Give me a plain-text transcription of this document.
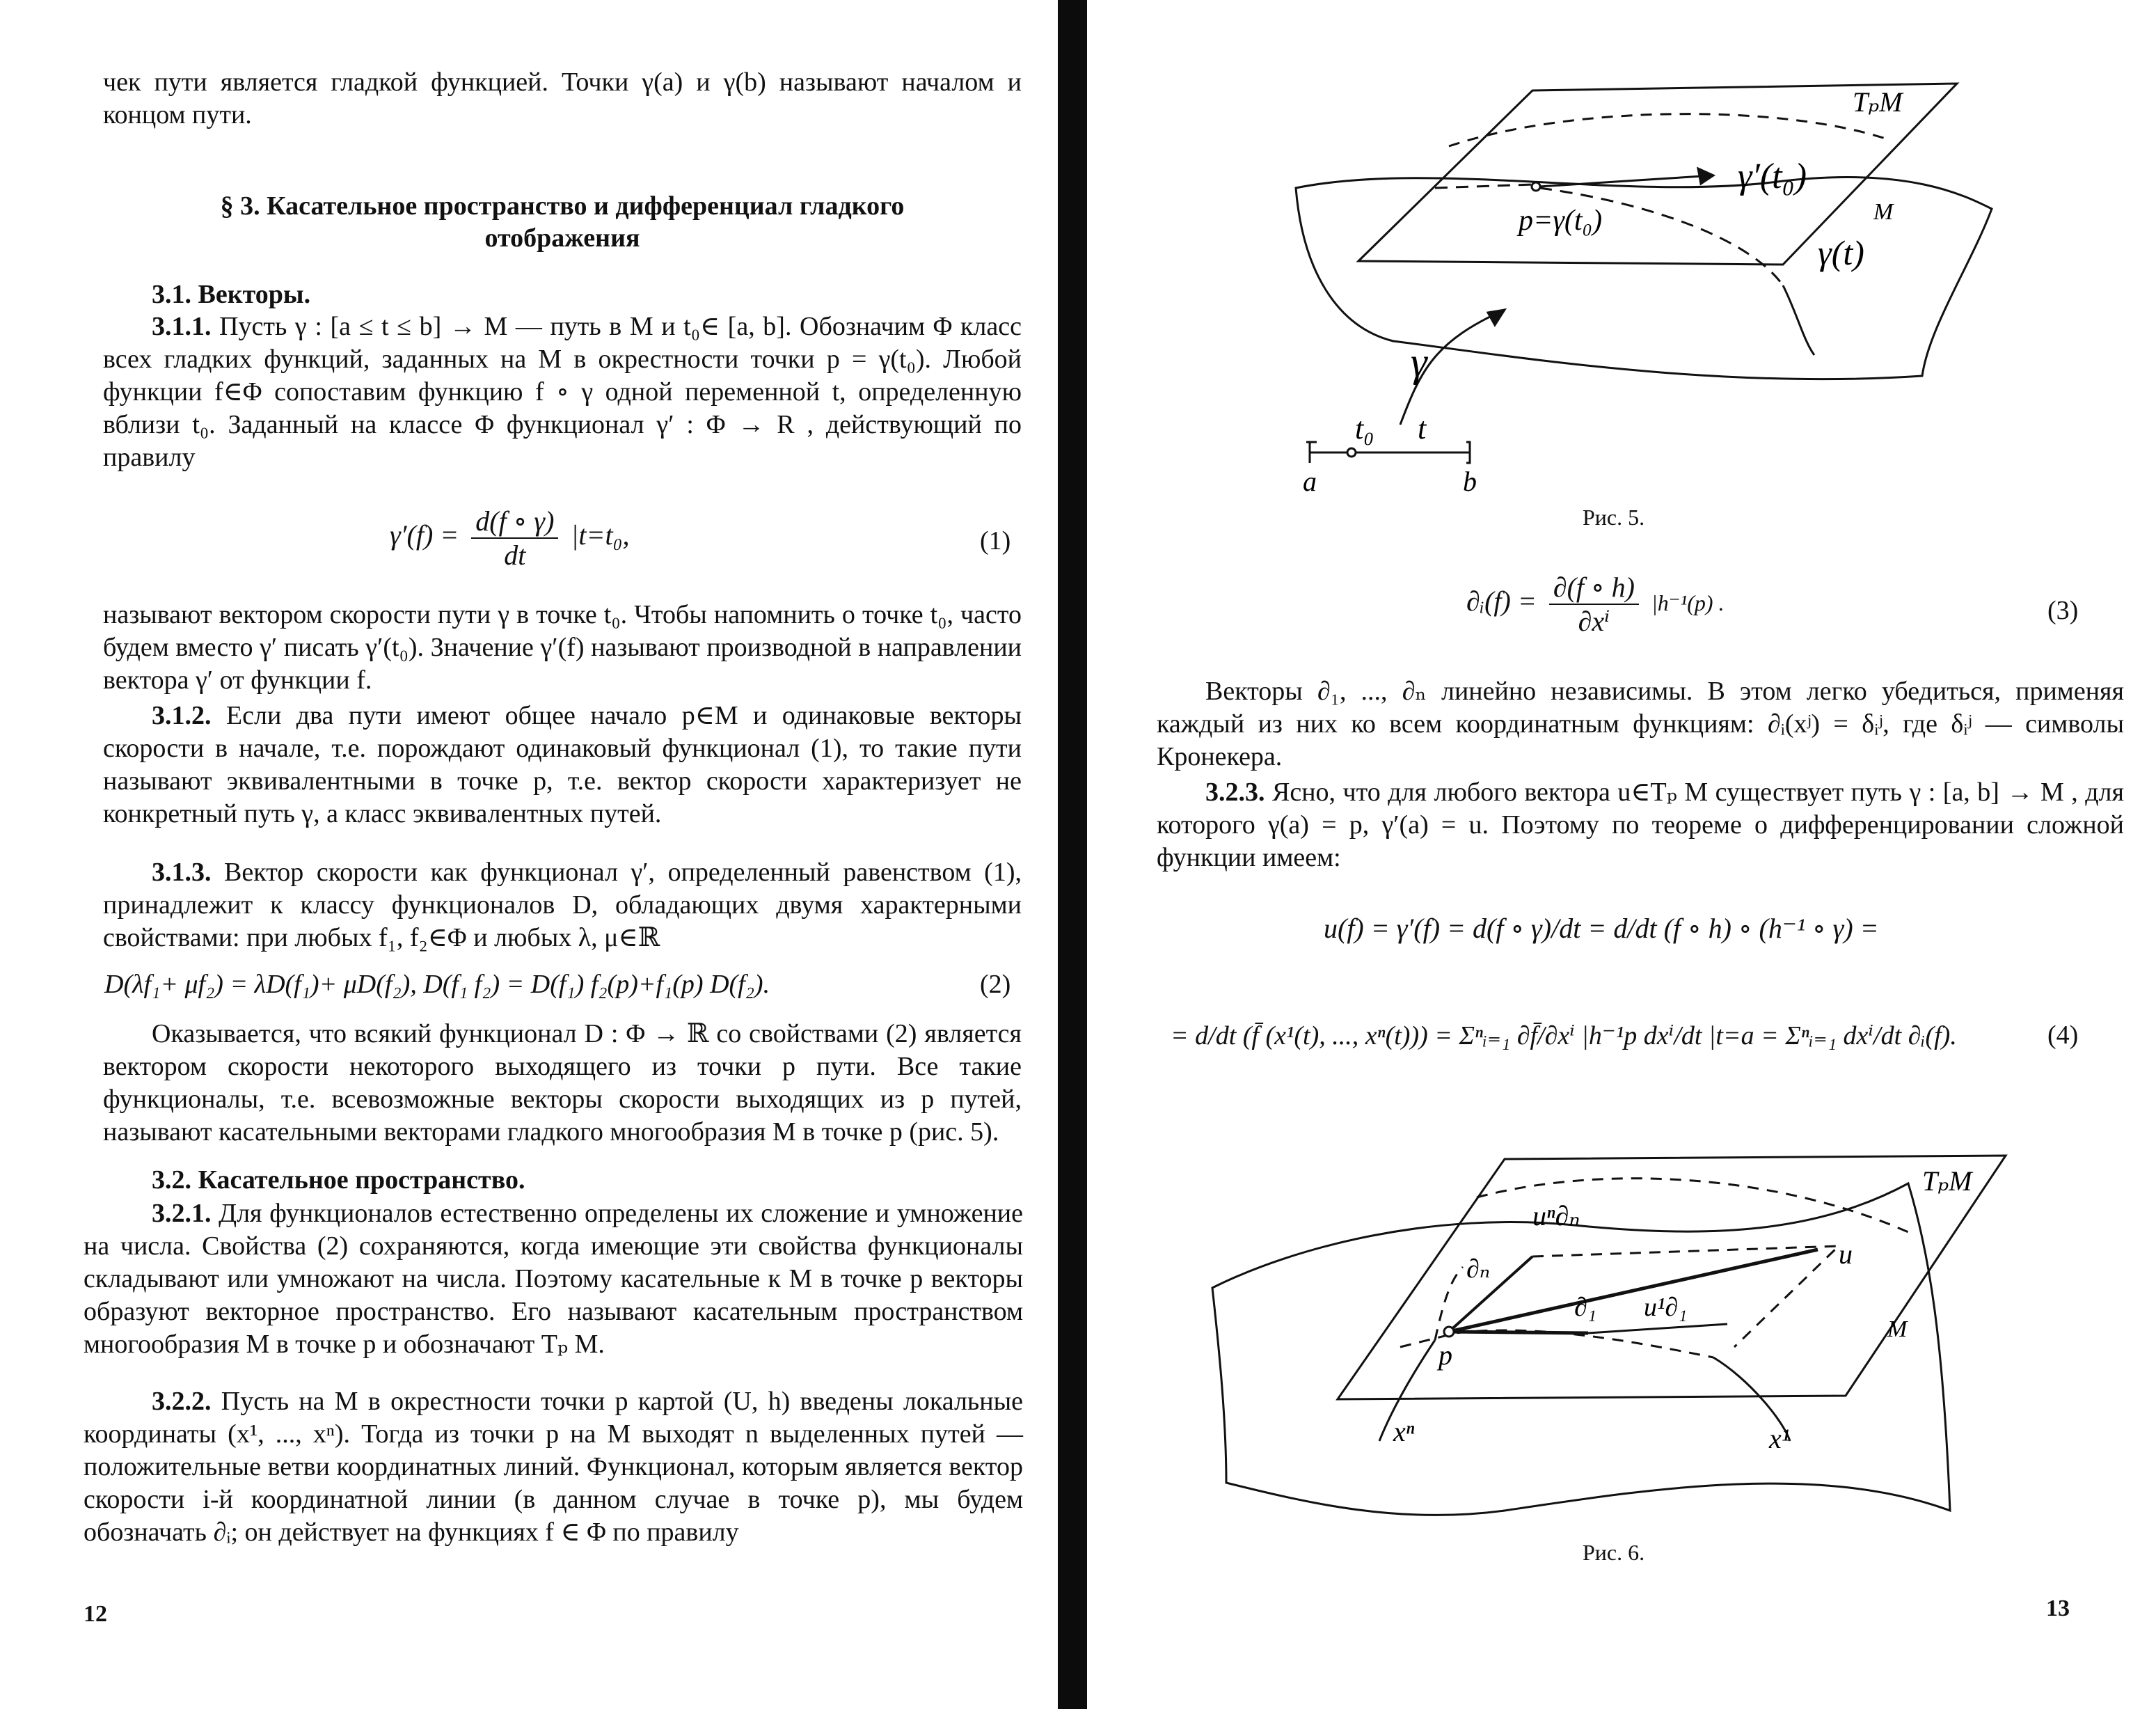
чек пути является гладкой функцией. Точки γ(a) и γ(b) называют началом и концом пути.
§ 3. Касательное пространство и дифференциал гладкого
отображения
3.1. Векторы.
3.1.1. Пусть γ : [a ≤ t ≤ b] → M — путь в M и t₀∈ [a, b]. Обозначим Φ класс всех гладких функций, заданных на M в окрестности точки p = γ(t₀). Любой функции f∈Φ сопоставим функцию f ∘ γ одной переменной t, определенную вблизи t₀. Заданный на классе Φ функционал γ′ : Φ → R , действующий по правилу
$\gamma'(f) = \frac{d(f \circ \gamma)}{dt} |t=t_0$,	(1)
называют вектором скорости пути γ в точке t₀. Чтобы напомнить о точке t₀, часто будем вместо γ′ писать γ′(t₀). Значение γ′(f) называют производной в направлении вектора γ′ от функции f.
3.1.2. Если два пути имеют общее начало p∈M и одинаковые векторы скорости в начале, т.е. порождают одинаковый функционал (1), то такие пути называют эквивалентными в точке p, т.е. вектор скорости характеризует не конкретный путь γ, а класс эквивалентных путей.
3.1.3. Вектор скорости как функционал γ′, определенный равенством (1), принадлежит к классу функционалов D, обладающих двумя характерными свойствами: при любых f₁, f₂∈Φ и любых λ, μ∈ℝ
D(λf₁+ μf₂) = λD(f₁)+ μD(f₂), D(f₁ f₂) = D(f₁) f₂(p)+f₁(p) D(f₂).	(2)
Оказывается, что всякий функционал D : Φ → ℝ со свойствами (2) является вектором скорости некоторого выходящего из точки p пути. Все такие функционалы, т.е. всевозможные векторы скорости выходящих из p путей, называют касательными векторами гладкого многообразия M в точке p (рис. 5).
3.2. Касательное пространство.
3.2.1. Для функционалов естественно определены их сложение и умножение на числа. Свойства (2) сохраняются, когда имеющие эти свойства функционалы складывают или умножают на числа. Поэтому касательные к M в точке p векторы образуют векторное пространство. Его называют касательным пространством многообразия M в точке p и обозначают Tₚ M.
3.2.2. Пусть на M в окрестности точки p картой (U, h) введены локальные координаты (x¹, ..., xⁿ). Тогда из точки p на M выходят n выделенных путей — положительные ветви координатных линий. Функционал, которым является вектор скорости i-й координатной линии (в данном случае в точке p), мы будем обозначать ∂ᵢ; он действует на функциях f ∈ Φ по правилу
12
TₚM
γ′(t₀)
p=γ(t₀)	M
γ(t)
γ
t₀ t
a	b
Рис. 5.
∂ᵢ(f) = $\frac{\partial(f \circ h)}{\text{∂xⁱ}} |h^{-1}(p)$ .	(3)
Векторы ∂₁, ..., ∂ₙ линейно независимы. В этом легко убедиться, применяя каждый из них ко всем координатным функциям: ∂ᵢ(xʲ) = δᵢʲ, где δᵢʲ — символы Кронекера.
3.2.3. Ясно, что для любого вектора u∈Tₚ M существует путь γ : [a, b] → M , для которого γ(a) = p, γ′(a) = u. Поэтому по теореме о дифференцировании сложной функции имеем:
u(f) = γ′(f) = d(f ∘ γ)/dt = d/dt (f ∘ h) ∘ (h⁻¹ ∘ γ) =
= d/dt (f̄ (x¹(t), ..., xⁿ(t))) = Σⁿᵢ₌₁ ∂f̄/∂xⁱ |h⁻¹p dxⁱ/dt |t=a = Σⁿᵢ₌₁ dxⁱ/dt ∂ᵢ(f).	(4)
TₚM
uⁿ∂ₙ
∂ₙ	u
∂₁ u¹∂₁
M
p
xⁿ	x¹
Рис. 6.
13
